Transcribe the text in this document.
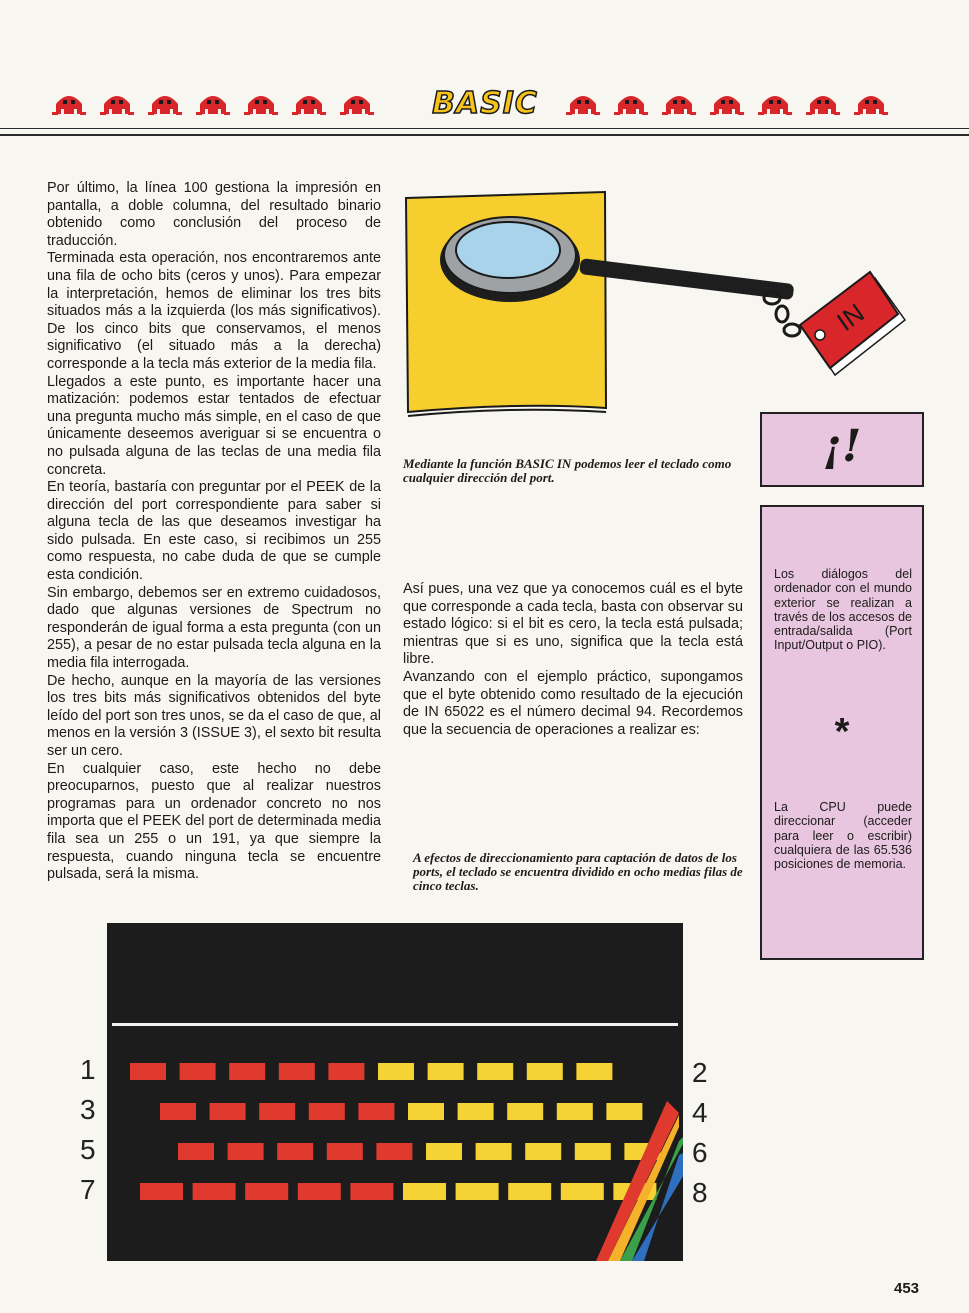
BASIC

Por último, la línea 100 gestiona la impresión en pantalla, a doble columna, del resultado binario obtenido como conclusión del proceso de traducción.

Terminada esta operación, nos encontraremos ante una fila de ocho bits (ceros y unos). Para empezar la interpretación, hemos de eliminar los tres bits situados más a la izquierda (los más significativos). De los cinco bits que conservamos, el menos significativo (el situado más a la derecha) corresponde a la tecla más exterior de la media fila.

Llegados a este punto, es importante hacer una matización: podemos estar tentados de efectuar una pregunta mucho más simple, en el caso de que únicamente deseemos averiguar si se encuentra o no pulsada alguna de las teclas de una media fila concreta.

En teoría, bastaría con preguntar por el PEEK de la dirección del port correspondiente para saber si alguna tecla de las que deseamos investigar ha sido pulsada. En este caso, si recibimos un 255 como respuesta, no cabe duda de que se cumple esta condición.

Sin embargo, debemos ser en extremo cuidadosos, dado que algunas versiones de Spectrum no responderán de igual forma a esta pregunta (con un 255), a pesar de no estar pulsada tecla alguna en la media fila interrogada.

De hecho, aunque en la mayoría de las versiones los tres bits más significativos obtenidos del byte leído del port son tres unos, se da el caso de que, al menos en la versión 3 (ISSUE 3), el sexto bit resulta ser un cero.

En cualquier caso, este hecho no debe preocuparnos, puesto que al realizar nuestros programas para un ordenador concreto no nos importa que el PEEK del port de determinada media fila sea un 255 o un 191, ya que siempre la respuesta, cuando ninguna tecla se encuentre pulsada, será la misma.

IN
Mediante la función BASIC IN podemos leer el teclado como cualquier dirección del port.

Así pues, una vez que ya conocemos cuál es el byte que corresponde a cada tecla, basta con observar su estado lógico: si el bit es cero, la tecla está pulsada; mientras que si es uno, significa que la tecla está libre.

Avanzando con el ejemplo práctico, supongamos que el byte obtenido como resultado de la ejecución de IN 65022 es el número decimal 94. Recordemos que la secuencia de operaciones a realizar es:

A efectos de direccionamiento para captación de datos de los ports, el teclado se encuentra dividido en ocho medias filas de cinco teclas.
¡!
Los diálogos del ordenador con el mundo exterior se realizan a través de los accesos de entrada/salida (Port Input/Output o PIO).
*
La CPU puede direccionar (acceder para leer o escribir) cualquiera de las 65.536 posiciones de memoria.
1
3
5
7
2
4
6
8
453
